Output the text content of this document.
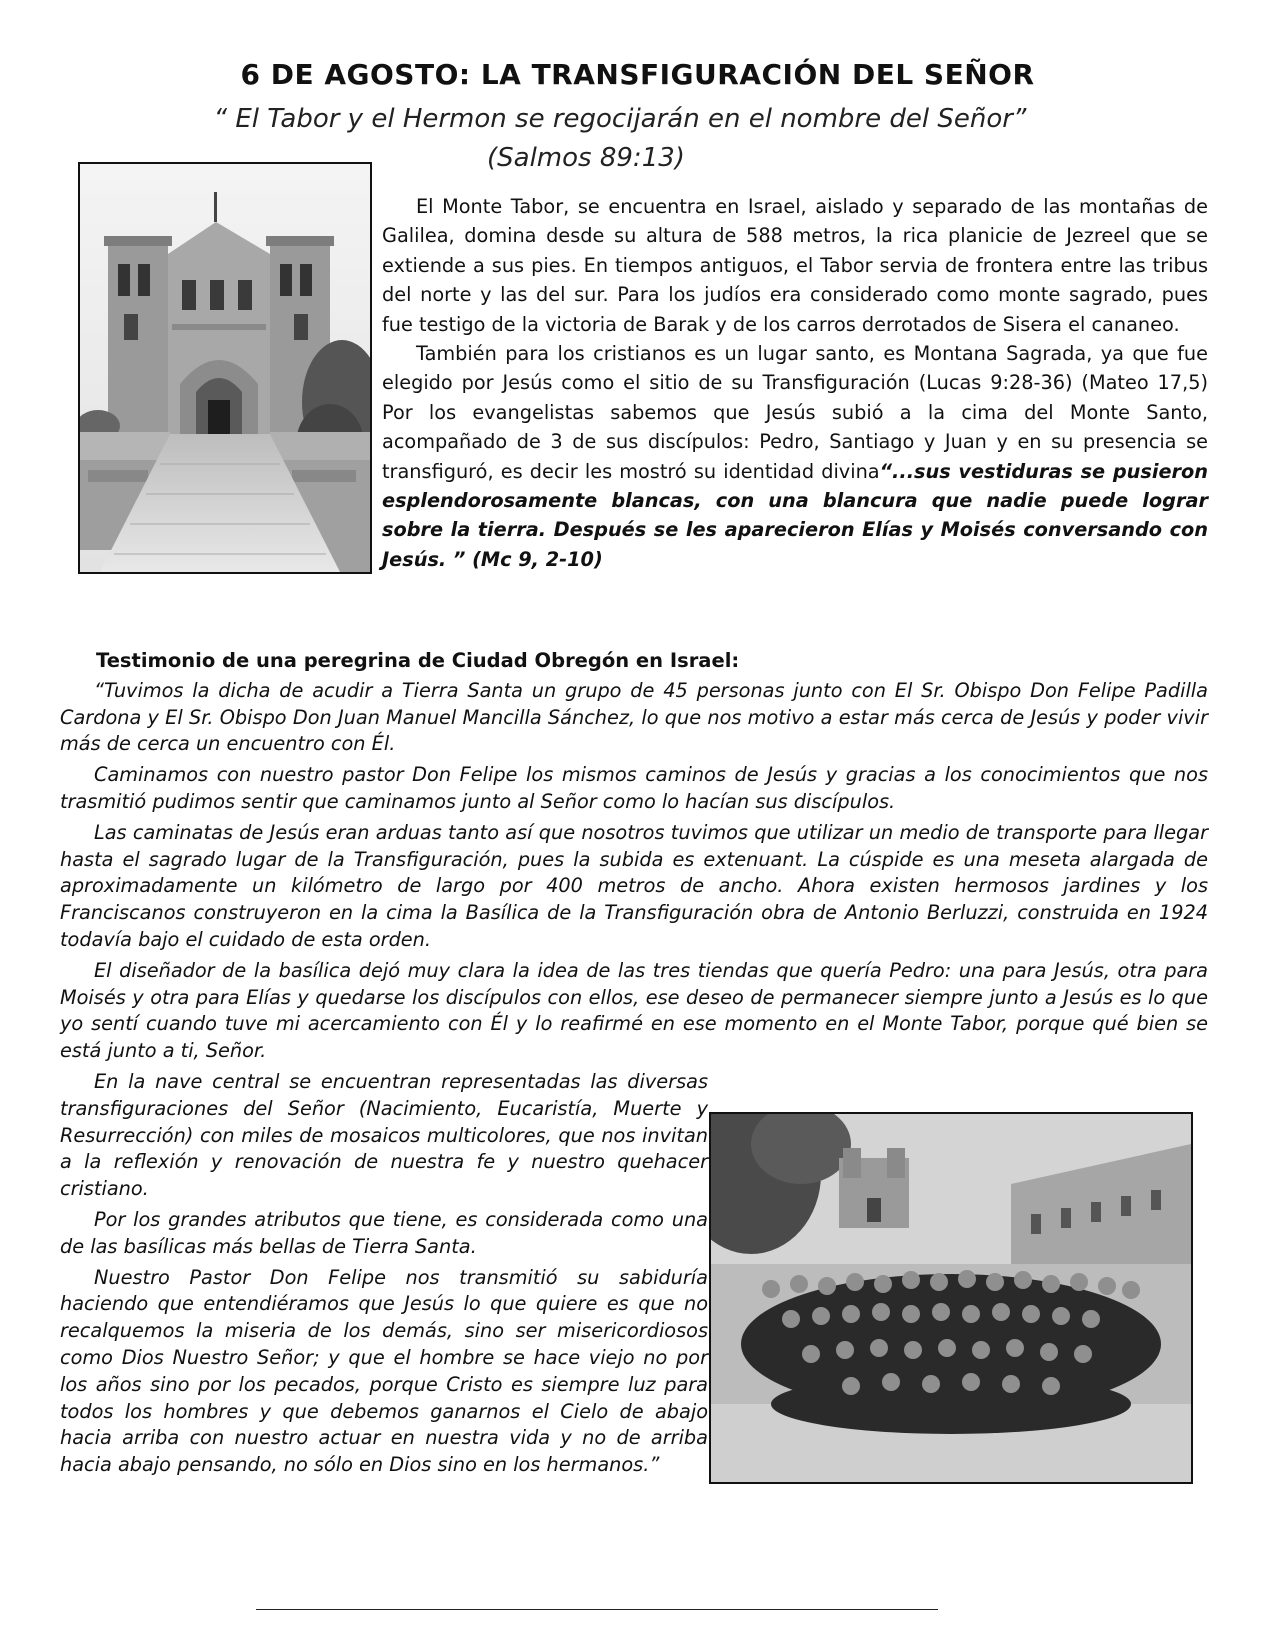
6 DE AGOSTO: LA TRANSFIGURACIÓN DEL SEÑOR
“ El Tabor y el Hermon se regocijarán en el nombre del Señor”
(Salmos 89:13)

El Monte Tabor, se encuentra en Israel, aislado y separado de las montañas de Galilea, domina desde su altura de 588 metros, la rica planicie de Jezreel que se extiende a sus pies. En tiempos antiguos, el Tabor servia de frontera entre las tribus del norte y las del sur. Para los judíos era considerado como monte sagrado, pues fue testigo de la victoria de Barak y de los carros derrotados de Sisera el cananeo.

También para los cristianos es un lugar santo, es Montana Sagrada, ya que fue elegido por Jesús como el sitio de su Transfiguración (Lucas 9:28-36) (Mateo 17,5) Por los evangelistas sabemos que Jesús subió a la cima del Monte Santo, acompañado de 3 de sus discípulos: Pedro, Santiago y Juan y en su presencia se transfiguró, es decir les mostró su identidad divina“...sus vestiduras se pusieron esplendorosamente blancas, con una blancura que nadie puede lograr sobre la tierra. Después se les aparecieron Elías y Moisés conversando con Jesús. ” (Mc 9, 2-10)

Testimonio de una peregrina de Ciudad Obregón en Israel:

“Tuvimos la dicha de acudir a Tierra Santa un grupo de 45 personas junto con El Sr. Obispo Don Felipe Padilla Cardona y El Sr. Obispo Don Juan Manuel Mancilla Sánchez, lo que nos motivo a estar más cerca de Jesús y poder vivir más de cerca un encuentro con Él.

Caminamos con nuestro pastor Don Felipe los mismos caminos de Jesús y gracias a los conocimientos que nos trasmitió pudimos sentir que caminamos junto al Señor como lo hacían sus discípulos.

Las caminatas de Jesús eran arduas tanto así que nosotros tuvimos que utilizar un medio de transporte para llegar hasta el sagrado lugar de la Transfiguración, pues la subida es extenuant. La cúspide es una meseta alargada de aproximadamente un kilómetro de largo por 400 metros de ancho. Ahora existen hermosos jardines y los Franciscanos construyeron en la cima la Basílica de la Transfiguración obra de Antonio Berluzzi, construida en 1924 todavía bajo el cuidado de esta orden.

El diseñador de la basílica dejó muy clara la idea de las tres tiendas que quería Pedro: una para Jesús, otra para Moisés y otra para Elías y quedarse los discípulos con ellos, ese deseo de permanecer siempre junto a Jesús es lo que yo sentí cuando tuve mi acercamiento con Él y lo reafirmé en ese momento en el Monte Tabor, porque qué bien se está junto a ti, Señor.

En la nave central se encuentran representadas las diversas transfiguraciones del Señor (Nacimiento, Eucaristía, Muerte y Resurrección) con miles de mosaicos multicolores, que nos invitan a la reflexión y renovación de nuestra fe y nuestro quehacer cristiano.

Por los grandes atributos que tiene, es considerada como una de las basílicas más bellas de Tierra Santa.

Nuestro Pastor Don Felipe nos transmitió su sabiduría haciendo que entendiéramos que Jesús lo que quiere es que no recalquemos la miseria de los demás, sino ser misericordiosos como Dios Nuestro Señor; y que el hombre se hace viejo no por los años sino por los pecados, porque Cristo es siempre luz para todos los hombres y que debemos ganarnos el Cielo de abajo hacia arriba con nuestro actuar en nuestra vida y no de arriba hacia abajo pensando, no sólo en Dios sino en los hermanos.”
